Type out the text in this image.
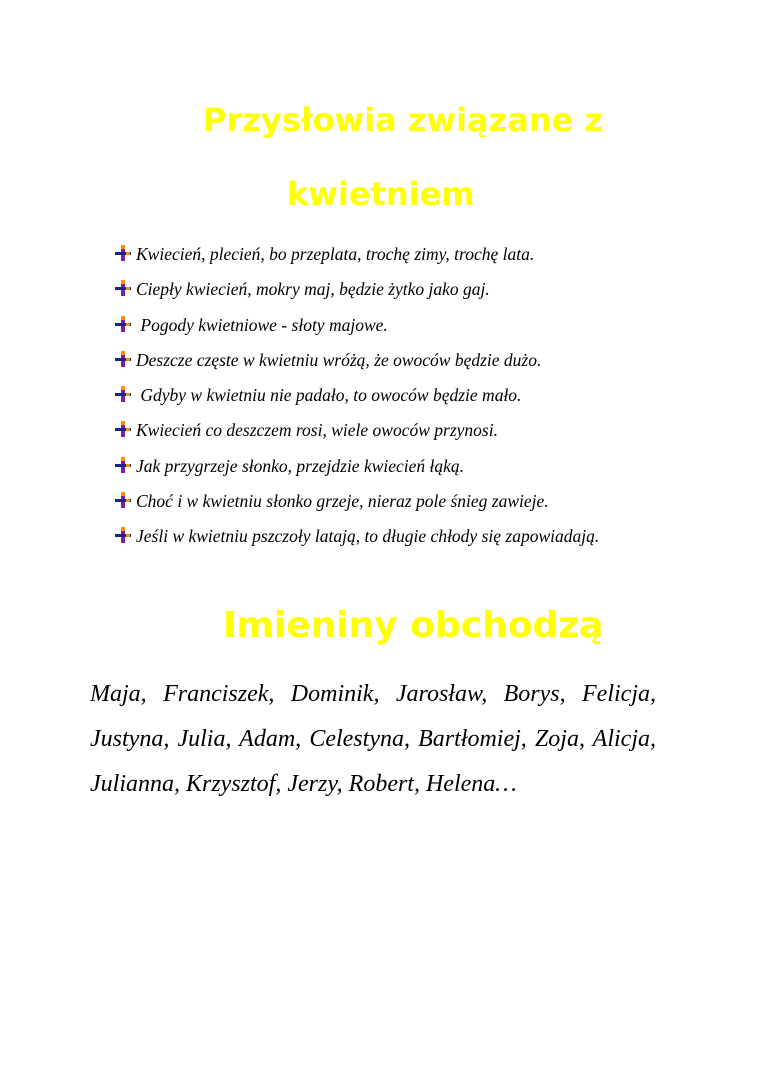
Przysłowia związane z
kwietniem
Kwiecień, plecień, bo przeplata, trochę zimy, trochę lata.
Ciepły kwiecień, mokry maj, będzie żytko jako gaj.
Pogody kwietniowe - słoty majowe.
Deszcze częste w kwietniu wróżą, że owoców będzie dużo.
Gdyby w kwietniu nie padało, to owoców będzie mało.
Kwiecień co deszczem rosi, wiele owoców przynosi.
Jak przygrzeje słonko, przejdzie kwiecień łąką.
Choć i w kwietniu słonko grzeje, nieraz pole śnieg zawieje.
Jeśli w kwietniu pszczoły latają, to długie chłody się zapowiadają.
Imieniny obchodzą

Maja, Franciszek, Dominik, Jarosław, Borys, Felicja, Justyna, Julia, Adam, Celestyna, Bartłomiej, Zoja, Alicja, Julianna, Krzysztof, Jerzy, Robert, Helena…
